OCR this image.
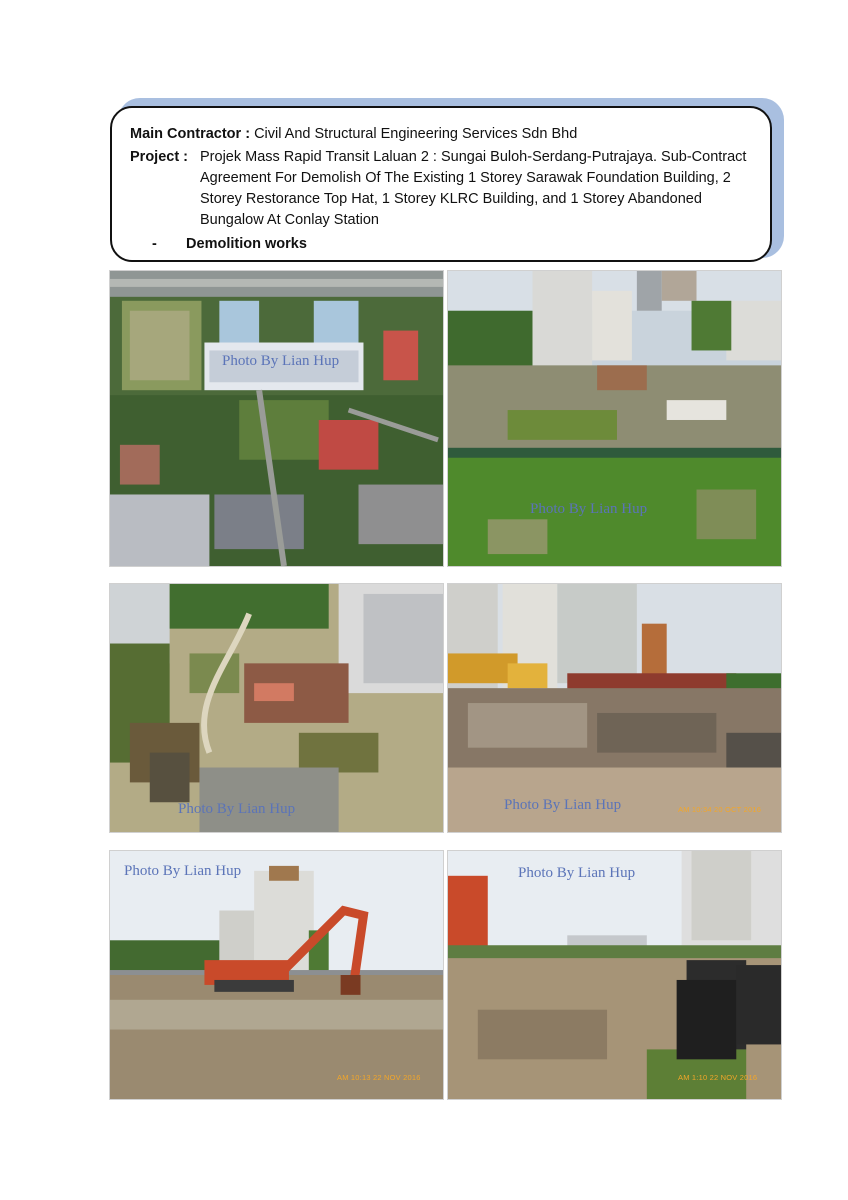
Main Contractor : Civil And Structural Engineering Services Sdn Bhd
Project : Projek Mass Rapid Transit Laluan 2 : Sungai Buloh-Serdang-Putrajaya. Sub-Contract Agreement For Demolish Of The Existing 1 Storey Sarawak Foundation Building, 2 Storey Restorance Top Hat, 1 Storey KLRC Building, and 1 Storey Abandoned Bungalow At Conlay Station
- Demolition works
Photo By Lian Hup
Photo By Lian Hup
Photo By Lian Hup	Photo By Lian Hup	AM 10:34 20 OCT 2016
Photo By Lian Hup
AM 10:13 22 NOV 2016
Photo By Lian Hup
AM 1:10 22 NOV 2016
